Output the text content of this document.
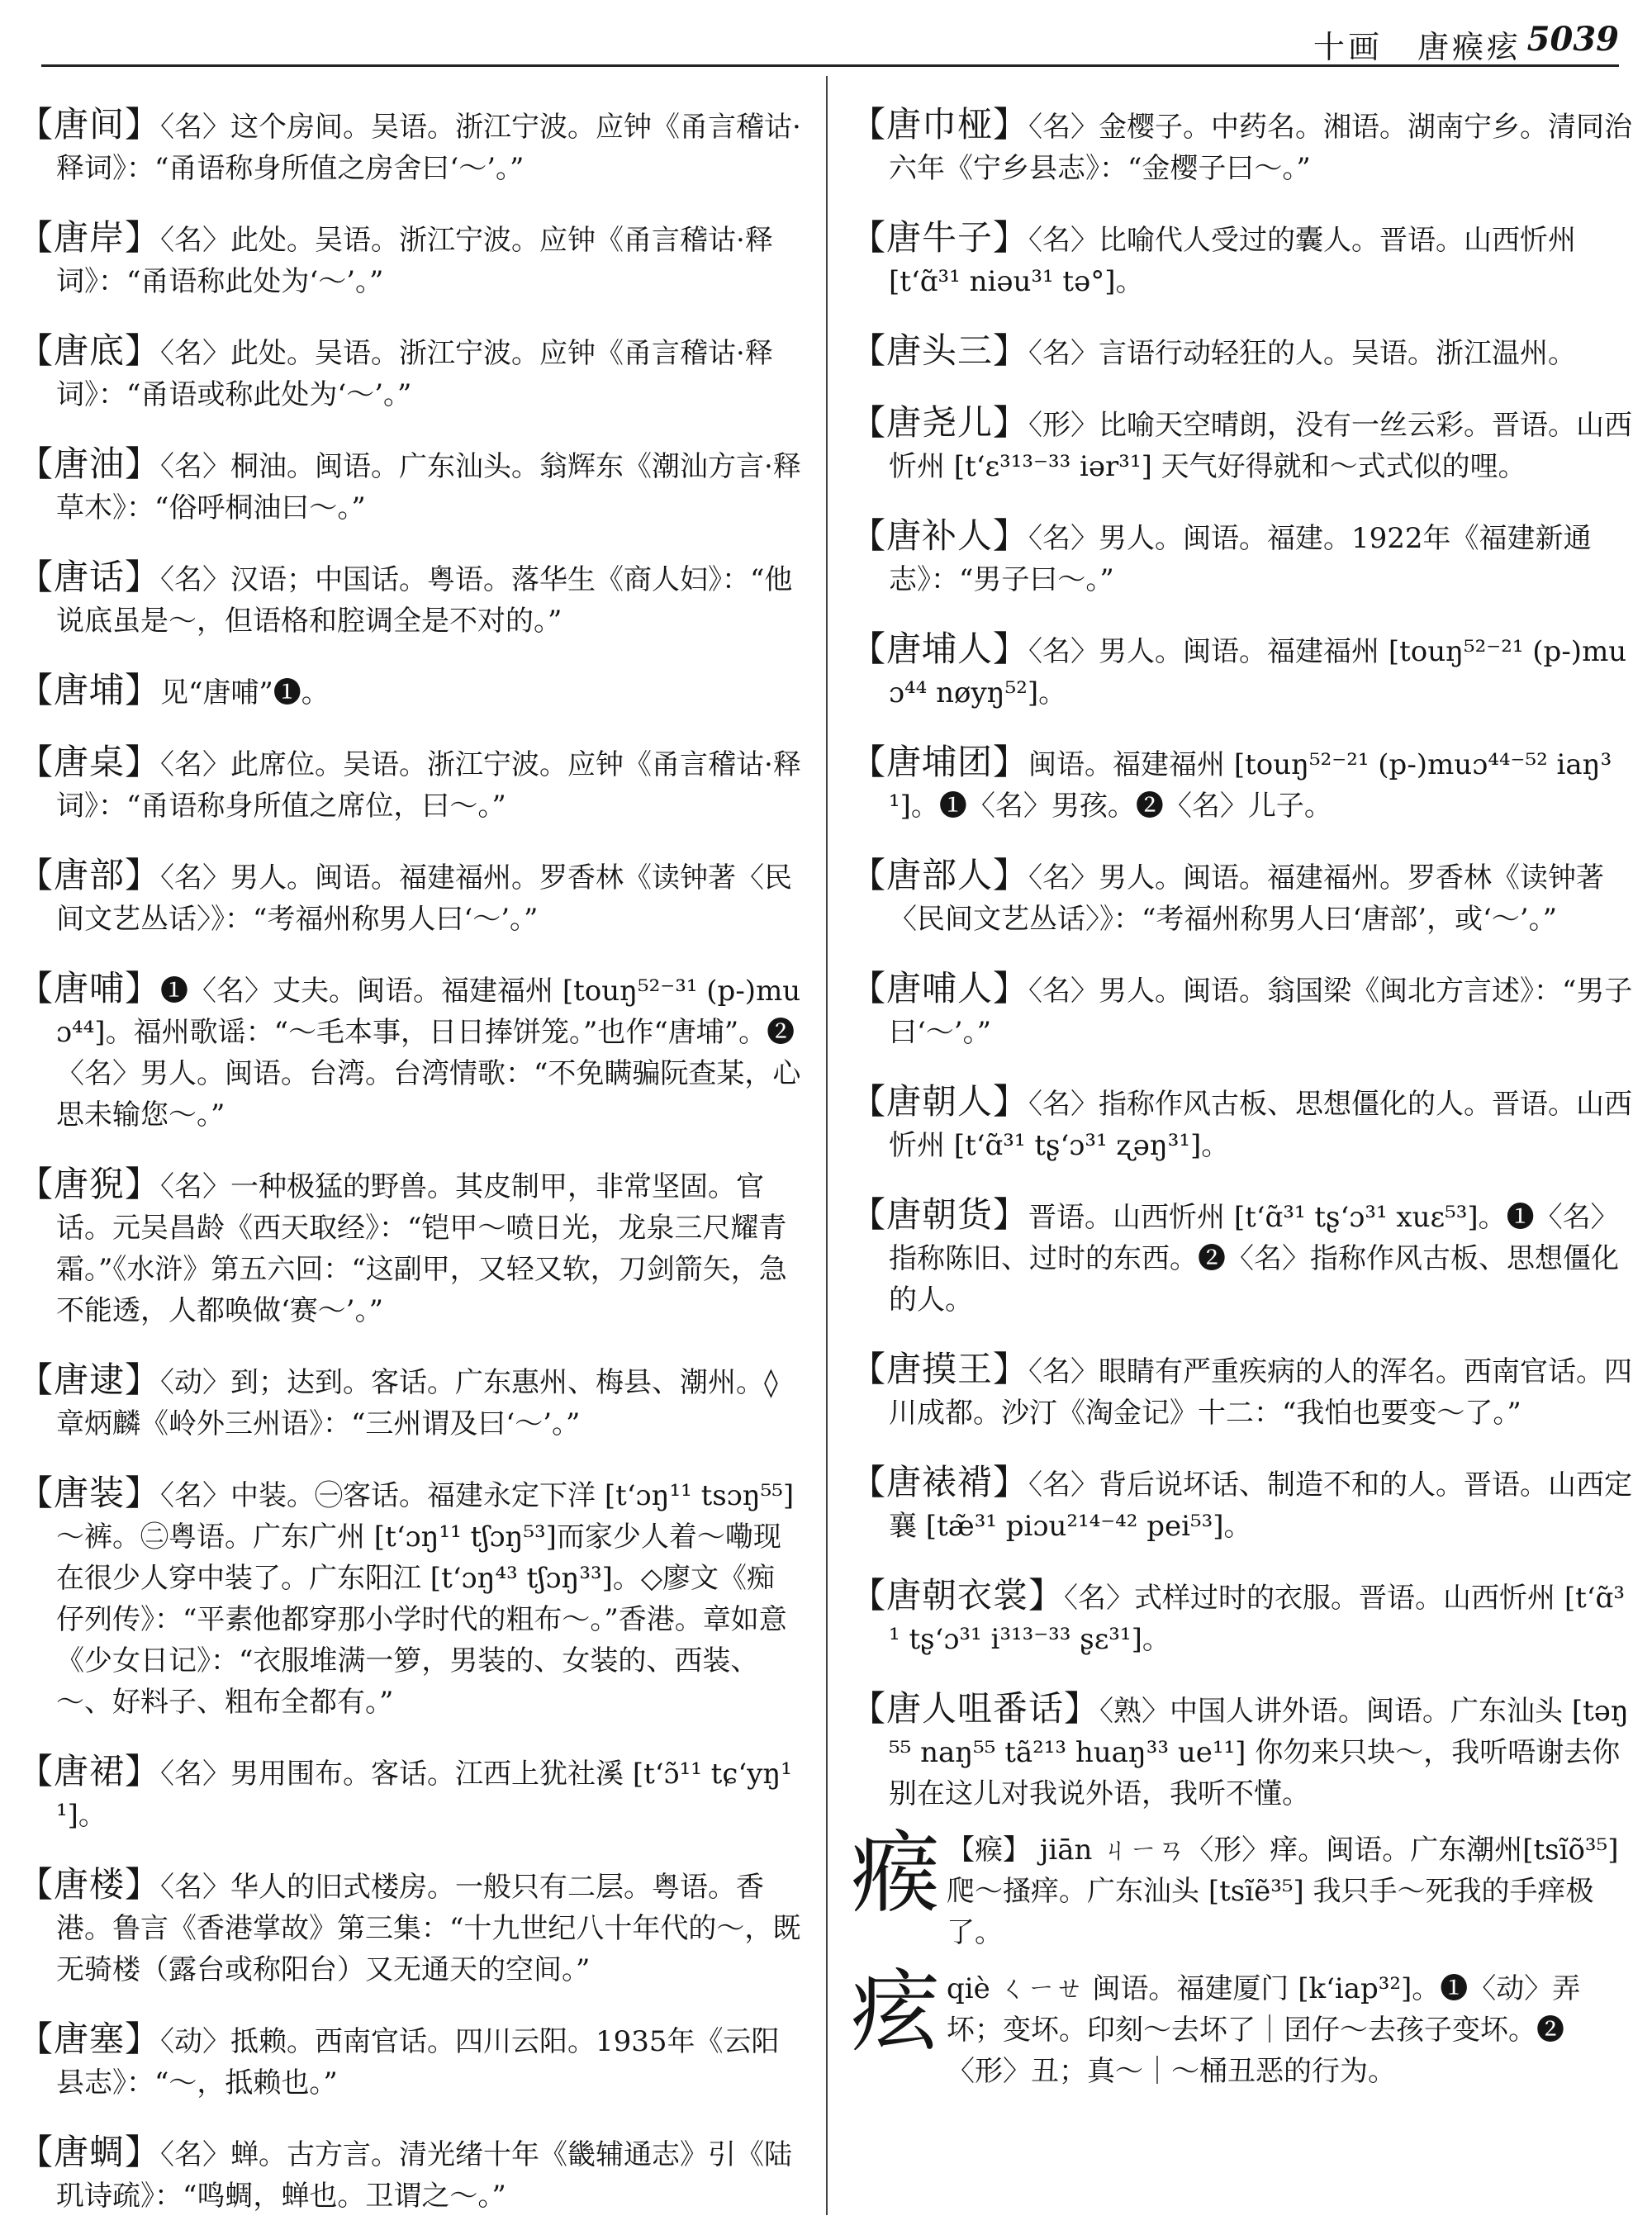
十画　唐瘊痃 5039

【唐间】〈名〉这个房间。吴语。浙江宁波。应钟《甬言稽诂·释词》：“甬语称身所值之房舍曰‘～’。”

【唐岸】〈名〉此处。吴语。浙江宁波。应钟《甬言稽诂·释词》：“甬语称此处为‘～’。”

【唐底】〈名〉此处。吴语。浙江宁波。应钟《甬言稽诂·释词》：“甬语或称此处为‘～’。”

【唐油】〈名〉桐油。闽语。广东汕头。翁辉东《潮汕方言·释草木》：“俗呼桐油曰～。”

【唐话】〈名〉汉语；中国话。粤语。落华生《商人妇》：“他说底虽是～，但语格和腔调全是不对的。”

【唐埔】见“唐哺”❶。

【唐桌】〈名〉此席位。吴语。浙江宁波。应钟《甬言稽诂·释词》：“甬语称身所值之席位，曰～。”

【唐部】〈名〉男人。闽语。福建福州。罗香林《读钟著〈民间文艺丛话〉》：“考福州称男人曰‘～’。”

【唐哺】❶〈名〉丈夫。闽语。福建福州 [touŋ⁵²⁻³¹ (p-)muɔ⁴⁴]。福州歌谣：“～毛本事，日日捧饼笼。”也作“唐埔”。❷〈名〉男人。闽语。台湾。台湾情歌：“不免瞒骗阮查某，心思未输您～。”

【唐猊】〈名〉一种极猛的野兽。其皮制甲，非常坚固。官话。元吴昌龄《西天取经》：“铠甲～喷日光，龙泉三尺耀青霜。”《水浒》第五六回：“这副甲，又轻又软，刀剑箭矢，急不能透，人都唤做‘赛～’。”

【唐逮】〈动〉到；达到。客话。广东惠州、梅县、潮州。◊章炳麟《岭外三州语》：“三州谓及曰‘～’。”

【唐装】〈名〉中装。㊀客话。福建永定下洋 [t‘ɔŋ¹¹ tsɔŋ⁵⁵] ～裤。㊁粤语。广东广州 [t‘ɔŋ¹¹ tʃɔŋ⁵³]而家少人着～嘞现在很少人穿中装了。广东阳江 [t‘ɔŋ⁴³ tʃɔŋ³³]。◇廖文《痴仔列传》：“平素他都穿那小学时代的粗布～。”香港。章如意《少女日记》：“衣服堆满一箩，男装的、女装的、西装、～、好料子、粗布全都有。”

【唐裙】〈名〉男用围布。客话。江西上犹社溪 [t‘ɔ̃¹¹ tɕ‘yŋ¹¹]。

【唐楼】〈名〉华人的旧式楼房。一般只有二层。粤语。香港。鲁言《香港掌故》第三集：“十九世纪八十年代的～，既无骑楼（露台或称阳台）又无通天的空间。”

【唐塞】〈动〉抵赖。西南官话。四川云阳。1935年《云阳县志》：“～，抵赖也。”

【唐蜩】〈名〉蝉。古方言。清光绪十年《畿辅通志》引《陆玑诗疏》：“鸣蜩，蝉也。卫谓之～。”

【唐巾桠】〈名〉金樱子。中药名。湘语。湖南宁乡。清同治六年《宁乡县志》：“金樱子曰～。”

【唐牛子】〈名〉比喻代人受过的囊人。晋语。山西忻州 [t‘ɑ̃³¹ niəu³¹ tə°]。

【唐头三】〈名〉言语行动轻狂的人。吴语。浙江温州。

【唐尧儿】〈形〉比喻天空晴朗，没有一丝云彩。晋语。山西忻州 [t‘ɛ³¹³⁻³³ iər³¹] 天气好得就和～式式似的哩。

【唐补人】〈名〉男人。闽语。福建。1922年《福建新通志》：“男子曰～。”

【唐埔人】〈名〉男人。闽语。福建福州 [touŋ⁵²⁻²¹ (p-)muɔ⁴⁴ nøyŋ⁵²]。

【唐埔团】闽语。福建福州 [touŋ⁵²⁻²¹ (p-)muɔ⁴⁴⁻⁵² iaŋ³¹]。❶〈名〉男孩。❷〈名〉儿子。

【唐部人】〈名〉男人。闽语。福建福州。罗香林《读钟著〈民间文艺丛话〉》：“考福州称男人曰‘唐部’，或‘～’。”

【唐哺人】〈名〉男人。闽语。翁国梁《闽北方言述》：“男子曰‘～’。”

【唐朝人】〈名〉指称作风古板、思想僵化的人。晋语。山西忻州 [t‘ɑ̃³¹ tʂ‘ɔ³¹ ʐəŋ³¹]。

【唐朝货】晋语。山西忻州 [t‘ɑ̃³¹ tʂ‘ɔ³¹ xuɛ⁵³]。❶〈名〉指称陈旧、过时的东西。❷〈名〉指称作风古板、思想僵化的人。

【唐摸王】〈名〉眼睛有严重疾病的人的浑名。西南官话。四川成都。沙汀《淘金记》十二：“我怕也要变～了。”

【唐裱褙】〈名〉背后说坏话、制造不和的人。晋语。山西定襄 [tæ̃³¹ piɔu²¹⁴⁻⁴² pei⁵³]。

【唐朝衣裳】〈名〉式样过时的衣服。晋语。山西忻州 [t‘ɑ̃³¹ tʂ‘ɔ³¹ i³¹³⁻³³ ʂɛ³¹]。

【唐人咀番话】〈熟〉中国人讲外语。闽语。广东汕头 [təŋ⁵⁵ naŋ⁵⁵ tã²¹³ huaŋ³³ ue¹¹] 你勿来只块～，我听唔谢去你别在这儿对我说外语，我听不懂。

瘊 【瘊】 jiān ㄐㄧㄢ〈形〉痒。闽语。广东潮州[tsĩõ³⁵]爬～搔痒。广东汕头 [tsĩẽ³⁵] 我只手～死我的手痒极了。
痃 qiè ㄑㄧㄝ 闽语。福建厦门 [k‘iap³²]。❶〈动〉弄坏；变坏。印刻～去坏了｜囝仔～去孩子变坏。❷〈形〉丑；真～｜～桶丑恶的行为。
